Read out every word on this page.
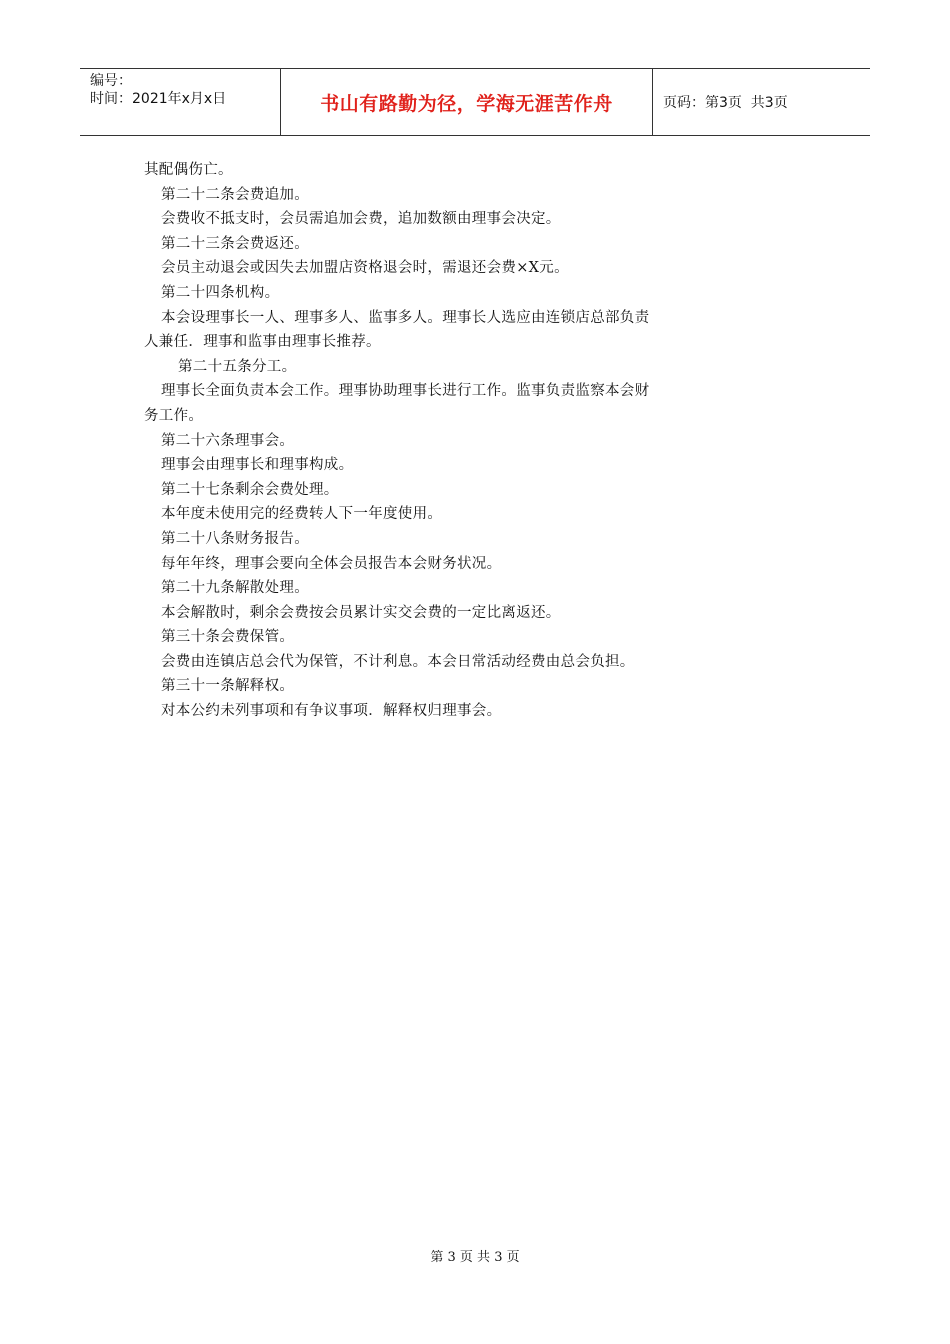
编号：
时间：2021年x月x日	书山有路勤为径，学海无涯苦作舟	页码：第3页  共3页

其配偶伤亡。

第二十二条会费追加。

会费收不抵支时，会员需追加会费，追加数额由理事会决定。

第二十三条会费返还。

会员主动退会或因失去加盟店资格退会时，需退还会费×X元。

第二十四条机构。

本会设理事长一人、理事多人、监事多人。理事长人选应由连锁店总部负责

人兼任．理事和监事由理事长推荐。

第二十五条分工。

理事长全面负责本会工作。理事协助理事长进行工作。监事负责监察本会财

务工作。

第二十六条理事会。

理事会由理事长和理事构成。

第二十七条剩余会费处理。

本年度未使用完的经费转人下一年度使用。

第二十八条财务报告。

每年年终，理事会要向全体会员报告本会财务状况。

第二十九条解散处理。

本会解散时，剩余会费按会员累计实交会费的一定比离返还。

第三十条会费保管。

会费由连镇店总会代为保管，不计利息。本会日常活动经费由总会负担。

第三十一条解释权。

对本公约未列事项和有争议事项．解释权归理事会。

第 3 页 共 3 页
